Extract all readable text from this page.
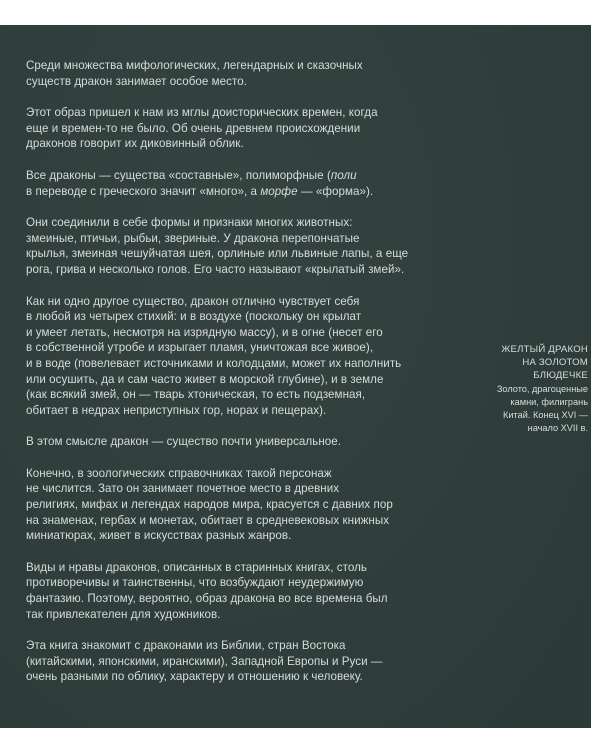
Среди множества мифологических, легендарных и сказочных
существ дракон занимает особое место.

Этот образ пришел к нам из мглы доисторических времен, когда
еще и времен-то не было. Об очень древнем происхождении
драконов говорит их диковинный облик.

Все драконы — существа «составные», полиморфные (поли
в переводе с греческого значит «много», а морфе — «форма»).

Они соединили в себе формы и признаки многих животных:
змеиные, птичьи, рыбьи, звериные. У дракона перепончатые
крылья, змеиная чешуйчатая шея, орлиные или львиные лапы, а еще
рога, грива и несколько голов. Его часто называют «крылатый змей».

Как ни одно другое существо, дракон отлично чувствует себя
в любой из четырех стихий: и в воздухе (поскольку он крылат
и умеет летать, несмотря на изрядную массу), и в огне (несет его
в собственной утробе и изрыгает пламя, уничтожая все живое),
и в воде (повелевает источниками и колодцами, может их наполнить
или осушить, да и сам часто живет в морской глубине), и в земле
(как всякий змей, он — тварь хтоническая, то есть подземная,
обитает в недрах неприступных гор, норах и пещерах).

В этом смысле дракон — существо почти универсальное.

Конечно, в зоологических справочниках такой персонаж
не числится. Зато он занимает почетное место в древних
религиях, мифах и легендах народов мира, красуется с давних пор
на знаменах, гербах и монетах, обитает в средневековых книжных
миниатюрах, живет в искусствах разных жанров.

Виды и нравы драконов, описанных в старинных книгах, столь
противоречивы и таинственны, что возбуждают неудержимую
фантазию. Поэтому, вероятно, образ дракона во все времена был
так привлекателен для художников.

Эта книга знакомит с драконами из Библии, стран Востока
(китайскими, японскими, иранскими), Западной Европы и Руси —
очень разными по облику, характеру и отношению к человеку.

ЖЕЛТЫЙ ДРАКОН
НА ЗОЛОТОМ
БЛЮДЕЧКЕ
Золото, драгоценные
камни, филигрань
Китай. Конец XVI —
начало XVII в.
